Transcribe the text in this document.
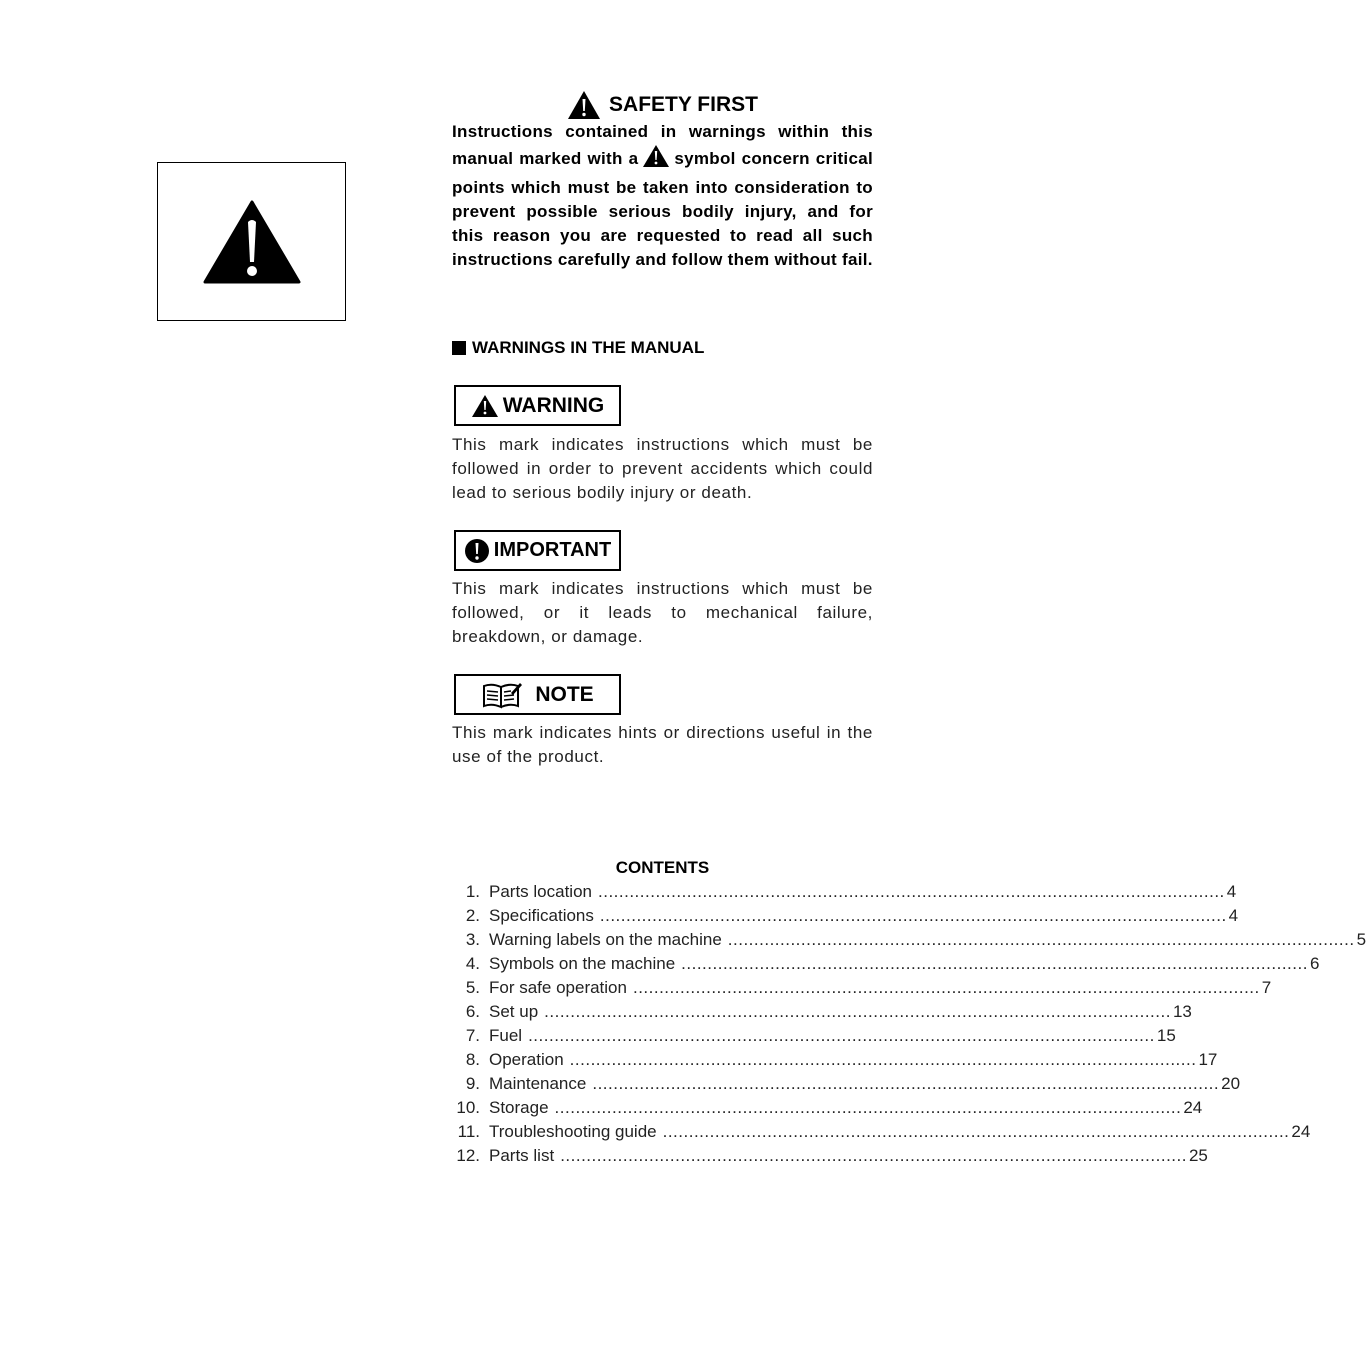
SAFETY FIRST
Instructions contained in warnings within this manual marked with a symbol concern critical points which must be taken into consideration to prevent possible serious bodily injury, and for this reason you are requested to read all such instructions carefully and follow them without fail.
WARNINGS IN THE MANUAL
WARNING
This mark indicates instructions which must be followed in order to prevent accidents which could lead to serious bodily injury or death.
IMPORTANT
This mark indicates instructions which must be followed, or it leads to mechanical failure, breakdown, or damage.
NOTE
This mark indicates hints or directions useful in the use of the product.
CONTENTS
1. Parts location ........................................................................................................................ 4
2. Specifications ........................................................................................................................ 4
3. Warning labels on the machine ........................................................................................................................ 5
4. Symbols on the machine ........................................................................................................................ 6
5. For safe operation ........................................................................................................................ 7
6. Set up ........................................................................................................................ 13
7. Fuel ........................................................................................................................ 15
8. Operation ........................................................................................................................ 17
9. Maintenance ........................................................................................................................ 20
10. Storage ........................................................................................................................ 24
11. Troubleshooting guide ........................................................................................................................ 24
12. Parts list ........................................................................................................................ 25
